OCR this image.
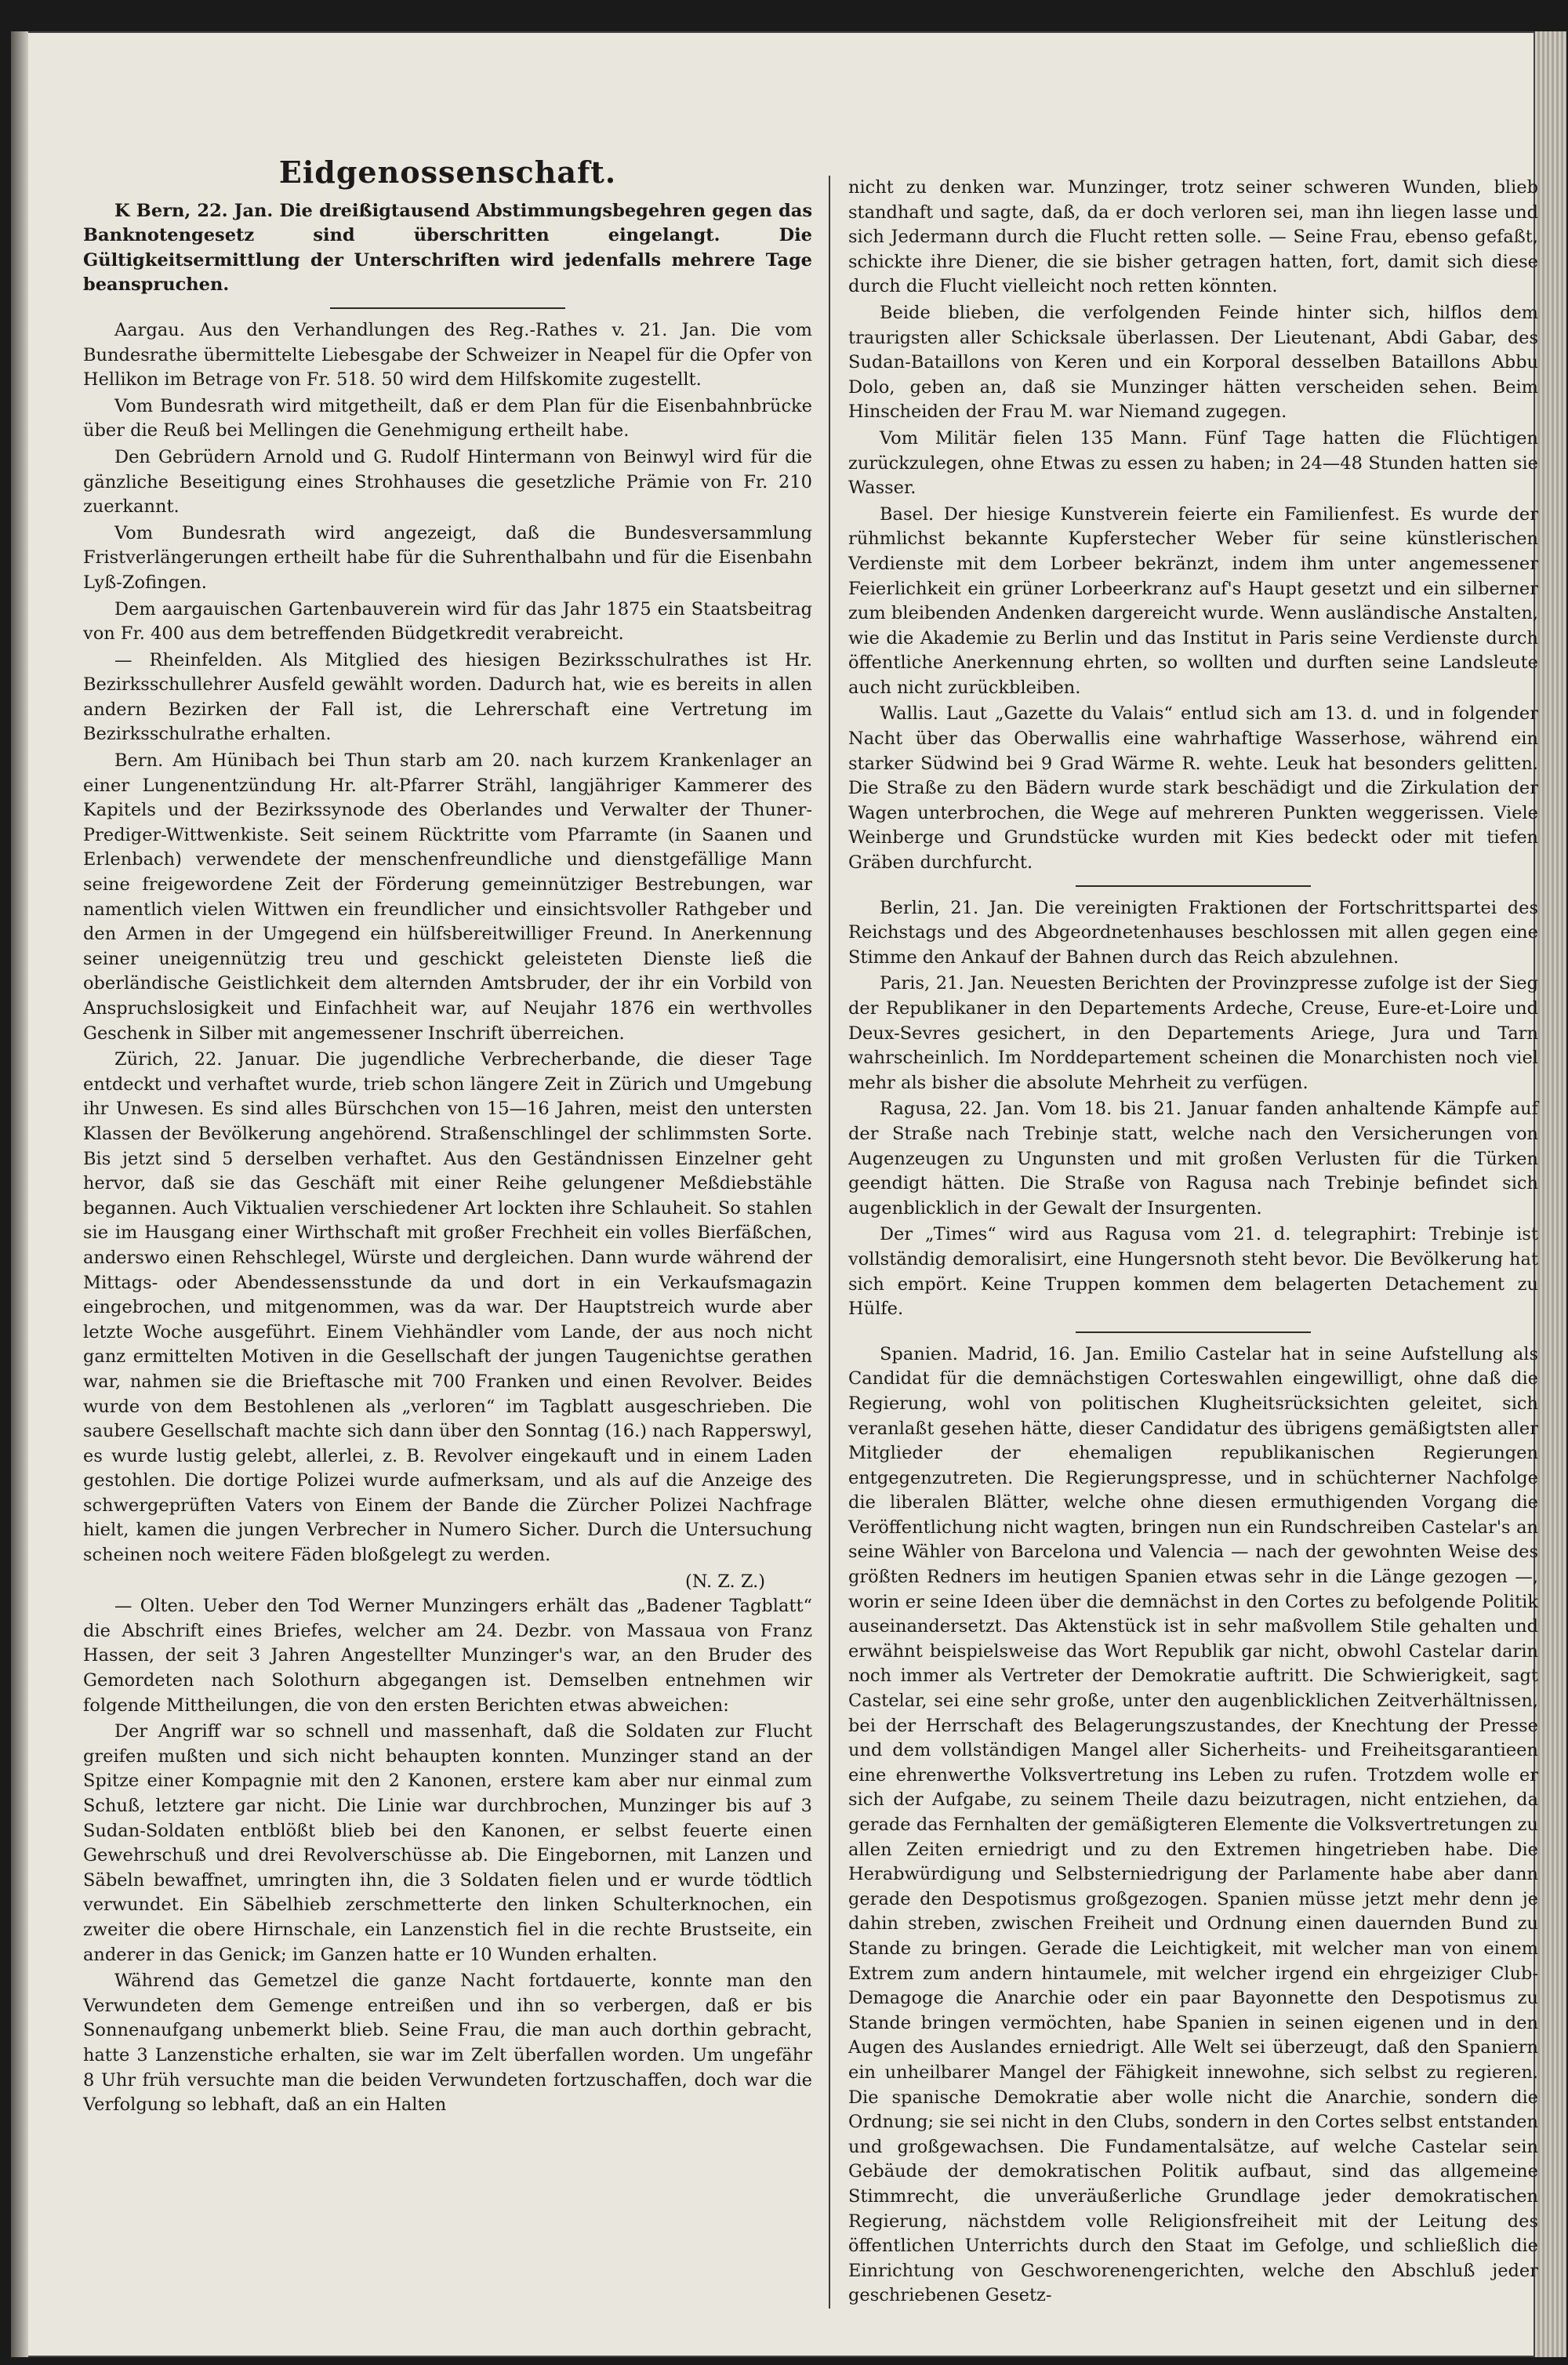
Eidgenossenschaft.

K Bern, 22. Jan. Die dreißigtausend Abstimmungsbegehren gegen das Banknotengesetz sind überschritten eingelangt. Die Gültigkeitsermittlung der Unterschriften wird jedenfalls mehrere Tage beanspruchen.

Aargau. Aus den Verhandlungen des Reg.-Rathes v. 21. Jan. Die vom Bundesrathe übermittelte Liebesgabe der Schweizer in Neapel für die Opfer von Hellikon im Betrage von Fr. 518. 50 wird dem Hilfskomite zugestellt.

Vom Bundesrath wird mitgetheilt, daß er dem Plan für die Eisenbahnbrücke über die Reuß bei Mellingen die Genehmigung ertheilt habe.

Den Gebrüdern Arnold und G. Rudolf Hintermann von Beinwyl wird für die gänzliche Beseitigung eines Strohhauses die gesetzliche Prämie von Fr. 210 zuerkannt.

Vom Bundesrath wird angezeigt, daß die Bundesversammlung Fristverlängerungen ertheilt habe für die Suhrenthalbahn und für die Eisenbahn Lyß-Zofingen.

Dem aargauischen Gartenbauverein wird für das Jahr 1875 ein Staatsbeitrag von Fr. 400 aus dem betreffenden Büdgetkredit verabreicht.

— Rheinfelden. Als Mitglied des hiesigen Bezirksschulrathes ist Hr. Bezirksschullehrer Ausfeld gewählt worden. Dadurch hat, wie es bereits in allen andern Bezirken der Fall ist, die Lehrerschaft eine Vertretung im Bezirksschulrathe erhalten.

Bern. Am Hünibach bei Thun starb am 20. nach kurzem Krankenlager an einer Lungenentzündung Hr. alt-Pfarrer Strähl, langjähriger Kammerer des Kapitels und der Bezirkssynode des Oberlandes und Verwalter der Thuner-Prediger-Wittwenkiste. Seit seinem Rücktritte vom Pfarramte (in Saanen und Erlenbach) verwendete der menschenfreundliche und dienstgefällige Mann seine freigewordene Zeit der Förderung gemeinnütziger Bestrebungen, war namentlich vielen Wittwen ein freundlicher und einsichtsvoller Rathgeber und den Armen in der Umgegend ein hülfsbereitwilliger Freund. In Anerkennung seiner uneigennützig treu und geschickt geleisteten Dienste ließ die oberländische Geistlichkeit dem alternden Amtsbruder, der ihr ein Vorbild von Anspruchslosigkeit und Einfachheit war, auf Neujahr 1876 ein werthvolles Geschenk in Silber mit angemessener Inschrift überreichen.

Zürich, 22. Januar. Die jugendliche Verbrecherbande, die dieser Tage entdeckt und verhaftet wurde, trieb schon längere Zeit in Zürich und Umgebung ihr Unwesen. Es sind alles Bürschchen von 15—16 Jahren, meist den untersten Klassen der Bevölkerung angehörend. Straßenschlingel der schlimmsten Sorte. Bis jetzt sind 5 derselben verhaftet. Aus den Geständnissen Einzelner geht hervor, daß sie das Geschäft mit einer Reihe gelungener Meßdiebstähle begannen. Auch Viktualien verschiedener Art lockten ihre Schlauheit. So stahlen sie im Hausgang einer Wirthschaft mit großer Frechheit ein volles Bierfäßchen, anderswo einen Rehschlegel, Würste und dergleichen. Dann wurde während der Mittags- oder Abendessensstunde da und dort in ein Verkaufsmagazin eingebrochen, und mitgenommen, was da war. Der Hauptstreich wurde aber letzte Woche ausgeführt. Einem Viehhändler vom Lande, der aus noch nicht ganz ermittelten Motiven in die Gesellschaft der jungen Taugenichtse gerathen war, nahmen sie die Brieftasche mit 700 Franken und einen Revolver. Beides wurde von dem Bestohlenen als „verloren“ im Tagblatt ausgeschrieben. Die saubere Gesellschaft machte sich dann über den Sonntag (16.) nach Rapperswyl, es wurde lustig gelebt, allerlei, z. B. Revolver eingekauft und in einem Laden gestohlen. Die dortige Polizei wurde aufmerksam, und als auf die Anzeige des schwergeprüften Vaters von Einem der Bande die Zürcher Polizei Nachfrage hielt, kamen die jungen Verbrecher in Numero Sicher. Durch die Untersuchung scheinen noch weitere Fäden bloßgelegt zu werden.

(N. Z. Z.)

— Olten. Ueber den Tod Werner Munzingers erhält das „Badener Tagblatt“ die Abschrift eines Briefes, welcher am 24. Dezbr. von Massaua von Franz Hassen, der seit 3 Jahren Angestellter Munzinger's war, an den Bruder des Gemordeten nach Solothurn abgegangen ist. Demselben entnehmen wir folgende Mittheilungen, die von den ersten Berichten etwas abweichen:

Der Angriff war so schnell und massenhaft, daß die Soldaten zur Flucht greifen mußten und sich nicht behaupten konnten. Munzinger stand an der Spitze einer Kompagnie mit den 2 Kanonen, erstere kam aber nur einmal zum Schuß, letztere gar nicht. Die Linie war durchbrochen, Munzinger bis auf 3 Sudan-Soldaten entblößt blieb bei den Kanonen, er selbst feuerte einen Gewehrschuß und drei Revolverschüsse ab. Die Eingebornen, mit Lanzen und Säbeln bewaffnet, umringten ihn, die 3 Soldaten fielen und er wurde tödtlich verwundet. Ein Säbelhieb zerschmetterte den linken Schulterknochen, ein zweiter die obere Hirnschale, ein Lanzenstich fiel in die rechte Brustseite, ein anderer in das Genick; im Ganzen hatte er 10 Wunden erhalten.

Während das Gemetzel die ganze Nacht fortdauerte, konnte man den Verwundeten dem Gemenge entreißen und ihn so verbergen, daß er bis Sonnenaufgang unbemerkt blieb. Seine Frau, die man auch dorthin gebracht, hatte 3 Lanzenstiche erhalten, sie war im Zelt überfallen worden. Um ungefähr 8 Uhr früh versuchte man die beiden Verwundeten fortzuschaffen, doch war die Verfolgung so lebhaft, daß an ein Halten

nicht zu denken war. Munzinger, trotz seiner schweren Wunden, blieb standhaft und sagte, daß, da er doch verloren sei, man ihn liegen lasse und sich Jedermann durch die Flucht retten solle. — Seine Frau, ebenso gefaßt, schickte ihre Diener, die sie bisher getragen hatten, fort, damit sich diese durch die Flucht vielleicht noch retten könnten.

Beide blieben, die verfolgenden Feinde hinter sich, hilflos dem traurigsten aller Schicksale überlassen. Der Lieutenant, Abdi Gabar, des Sudan-Bataillons von Keren und ein Korporal desselben Bataillons Abbu Dolo, geben an, daß sie Munzinger hätten verscheiden sehen. Beim Hinscheiden der Frau M. war Niemand zugegen.

Vom Militär fielen 135 Mann. Fünf Tage hatten die Flüchtigen zurückzulegen, ohne Etwas zu essen zu haben; in 24—48 Stunden hatten sie Wasser.

Basel. Der hiesige Kunstverein feierte ein Familienfest. Es wurde der rühmlichst bekannte Kupferstecher Weber für seine künstlerischen Verdienste mit dem Lorbeer bekränzt, indem ihm unter angemessener Feierlichkeit ein grüner Lorbeerkranz auf's Haupt gesetzt und ein silberner zum bleibenden Andenken dargereicht wurde. Wenn ausländische Anstalten, wie die Akademie zu Berlin und das Institut in Paris seine Verdienste durch öffentliche Anerkennung ehrten, so wollten und durften seine Landsleute auch nicht zurückbleiben.

Wallis. Laut „Gazette du Valais“ entlud sich am 13. d. und in folgender Nacht über das Oberwallis eine wahrhaftige Wasserhose, während ein starker Südwind bei 9 Grad Wärme R. wehte. Leuk hat besonders gelitten. Die Straße zu den Bädern wurde stark beschädigt und die Zirkulation der Wagen unterbrochen, die Wege auf mehreren Punkten weggerissen. Viele Weinberge und Grundstücke wurden mit Kies bedeckt oder mit tiefen Gräben durchfurcht.

Berlin, 21. Jan. Die vereinigten Fraktionen der Fortschrittspartei des Reichstags und des Abgeordnetenhauses beschlossen mit allen gegen eine Stimme den Ankauf der Bahnen durch das Reich abzulehnen.

Paris, 21. Jan. Neuesten Berichten der Provinzpresse zufolge ist der Sieg der Republikaner in den Departements Ardeche, Creuse, Eure-et-Loire und Deux-Sevres gesichert, in den Departements Ariege, Jura und Tarn wahrscheinlich. Im Norddepartement scheinen die Monarchisten noch viel mehr als bisher die absolute Mehrheit zu verfügen.

Ragusa, 22. Jan. Vom 18. bis 21. Januar fanden anhaltende Kämpfe auf der Straße nach Trebinje statt, welche nach den Versicherungen von Augenzeugen zu Ungunsten und mit großen Verlusten für die Türken geendigt hätten. Die Straße von Ragusa nach Trebinje befindet sich augenblicklich in der Gewalt der Insurgenten.

Der „Times“ wird aus Ragusa vom 21. d. telegraphirt: Trebinje ist vollständig demoralisirt, eine Hungersnoth steht bevor. Die Bevölkerung hat sich empört. Keine Truppen kommen dem belagerten Detachement zu Hülfe.

Spanien. Madrid, 16. Jan. Emilio Castelar hat in seine Aufstellung als Candidat für die demnächstigen Corteswahlen eingewilligt, ohne daß die Regierung, wohl von politischen Klugheitsrücksichten geleitet, sich veranlaßt gesehen hätte, dieser Candidatur des übrigens gemäßigtsten aller Mitglieder der ehemaligen republikanischen Regierungen entgegenzutreten. Die Regierungspresse, und in schüchterner Nachfolge die liberalen Blätter, welche ohne diesen ermuthigenden Vorgang die Veröffentlichung nicht wagten, bringen nun ein Rundschreiben Castelar's an seine Wähler von Barcelona und Valencia — nach der gewohnten Weise des größten Redners im heutigen Spanien etwas sehr in die Länge gezogen —, worin er seine Ideen über die demnächst in den Cortes zu befolgende Politik auseinandersetzt. Das Aktenstück ist in sehr maßvollem Stile gehalten und erwähnt beispielsweise das Wort Republik gar nicht, obwohl Castelar darin noch immer als Vertreter der Demokratie auftritt. Die Schwierigkeit, sagt Castelar, sei eine sehr große, unter den augenblicklichen Zeitverhältnissen, bei der Herrschaft des Belagerungszustandes, der Knechtung der Presse und dem vollständigen Mangel aller Sicherheits- und Freiheitsgarantieen eine ehrenwerthe Volksvertretung ins Leben zu rufen. Trotzdem wolle er sich der Aufgabe, zu seinem Theile dazu beizutragen, nicht entziehen, da gerade das Fernhalten der gemäßigteren Elemente die Volksvertretungen zu allen Zeiten erniedrigt und zu den Extremen hingetrieben habe. Die Herabwürdigung und Selbsterniedrigung der Parlamente habe aber dann gerade den Despotismus großgezogen. Spanien müsse jetzt mehr denn je dahin streben, zwischen Freiheit und Ordnung einen dauernden Bund zu Stande zu bringen. Gerade die Leichtigkeit, mit welcher man von einem Extrem zum andern hintaumele, mit welcher irgend ein ehrgeiziger Club-Demagoge die Anarchie oder ein paar Bayonnette den Despotismus zu Stande bringen vermöchten, habe Spanien in seinen eigenen und in den Augen des Auslandes erniedrigt. Alle Welt sei überzeugt, daß den Spaniern ein unheilbarer Mangel der Fähigkeit innewohne, sich selbst zu regieren. Die spanische Demokratie aber wolle nicht die Anarchie, sondern die Ordnung; sie sei nicht in den Clubs, sondern in den Cortes selbst entstanden und großgewachsen. Die Fundamentalsätze, auf welche Castelar sein Gebäude der demokratischen Politik aufbaut, sind das allgemeine Stimmrecht, die unveräußerliche Grundlage jeder demokratischen Regierung, nächstdem volle Religionsfreiheit mit der Leitung des öffentlichen Unterrichts durch den Staat im Gefolge, und schließlich die Einrichtung von Geschworenengerichten, welche den Abschluß jeder geschriebenen Gesetz-
